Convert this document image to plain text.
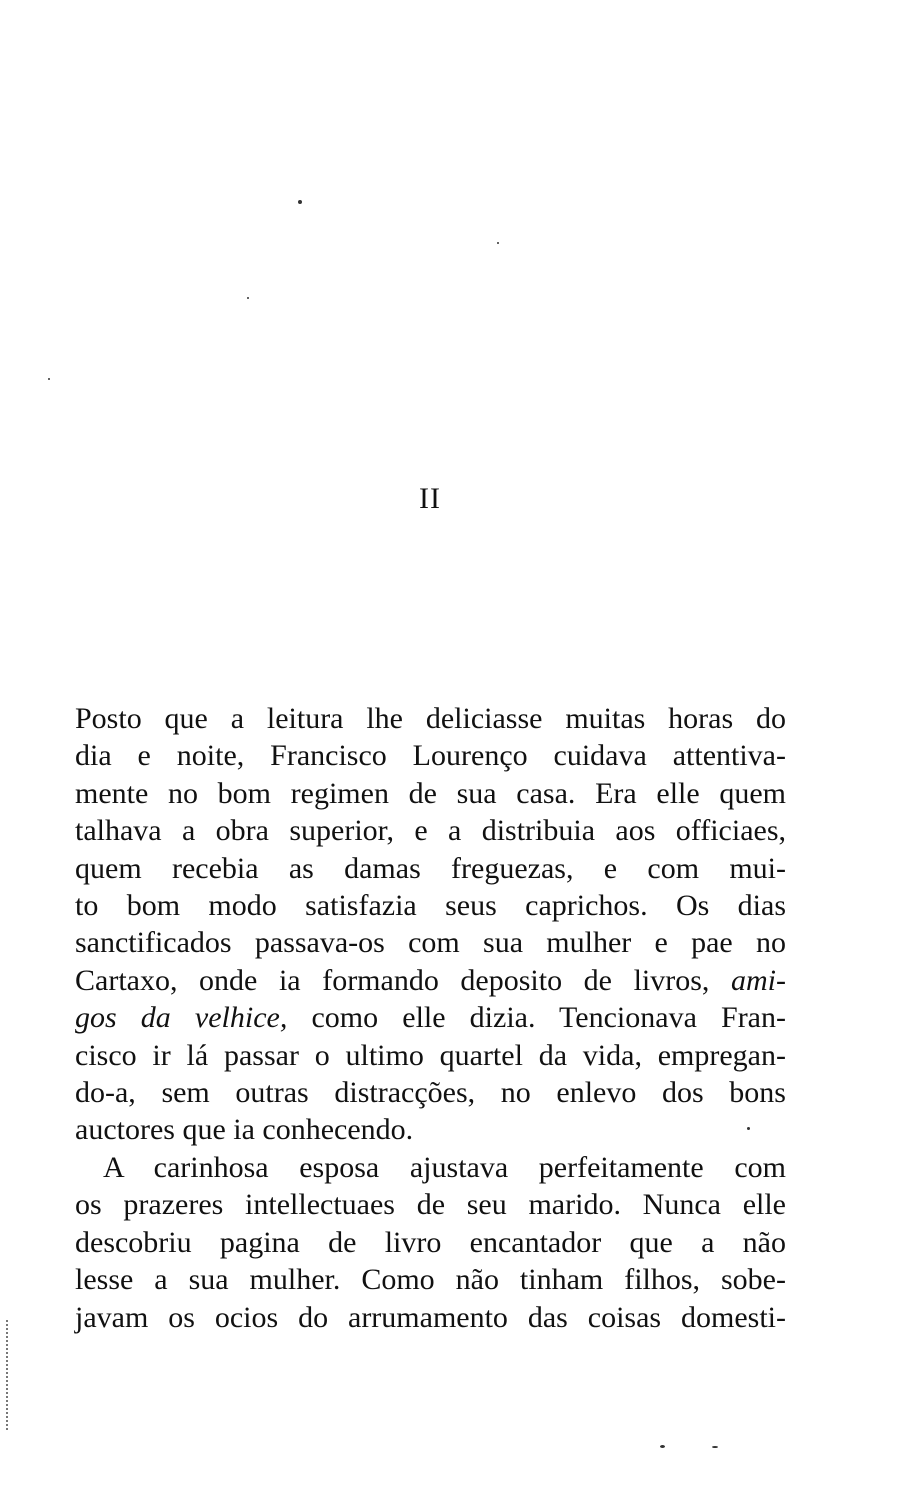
II

Posto que a leitura lhe deliciasse muitas horas do
dia e noite, Francisco Lourenço cuidava attentiva-
mente no bom regimen de sua casa. Era elle quem
talhava a obra superior, e a distribuia aos officiaes,
quem recebia as damas freguezas, e com mui-
to bom modo satisfazia seus caprichos. Os dias
sanctificados passava-os com sua mulher e pae no
Cartaxo, onde ia formando deposito de livros, ami-
gos da velhice, como elle dizia. Tencionava Fran-
cisco ir lá passar o ultimo quartel da vida, empregan-
do-a, sem outras distracções, no enlevo dos bons
auctores que ia conhecendo.

A carinhosa esposa ajustava perfeitamente com
os prazeres intellectuaes de seu marido. Nunca elle
descobriu pagina de livro encantador que a não
lesse a sua mulher. Como não tinham filhos, sobe-
javam os ocios do arrumamento das coisas domesti-
